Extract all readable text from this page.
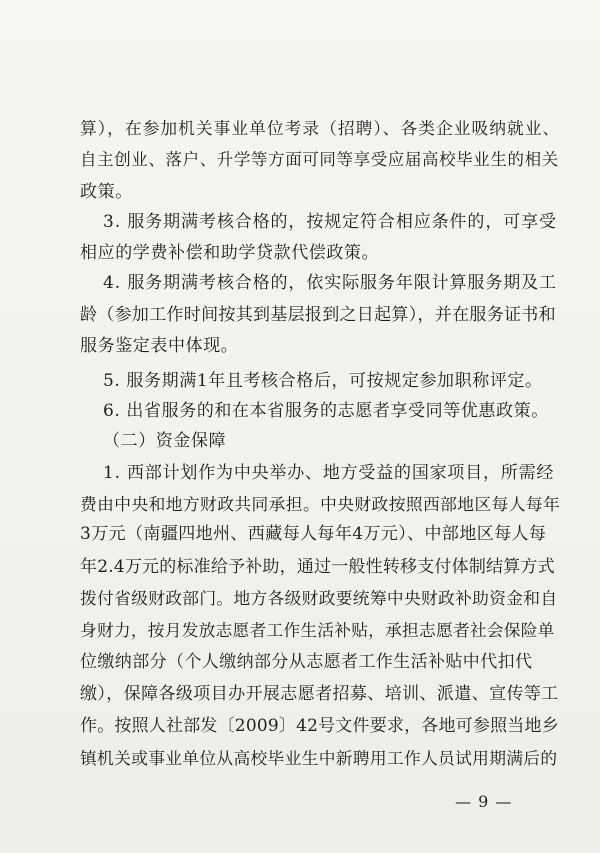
算），在参加机关事业单位考录（招聘）、各类企业吸纳就业、
自主创业、落户、升学等方面可同等享受应届高校毕业生的相关
政策。
3. 服务期满考核合格的，按规定符合相应条件的，可享受
相应的学费补偿和助学贷款代偿政策。
4. 服务期满考核合格的，依实际服务年限计算服务期及工
龄（参加工作时间按其到基层报到之日起算），并在服务证书和
服务鉴定表中体现。
5. 服务期满1年且考核合格后，可按规定参加职称评定。
6. 出省服务的和在本省服务的志愿者享受同等优惠政策。
（二）资金保障
1. 西部计划作为中央举办、地方受益的国家项目，所需经
费由中央和地方财政共同承担。中央财政按照西部地区每人每年
3万元（南疆四地州、西藏每人每年4万元）、中部地区每人每
年2.4万元的标准给予补助，通过一般性转移支付体制结算方式
拨付省级财政部门。地方各级财政要统筹中央财政补助资金和自
身财力，按月发放志愿者工作生活补贴，承担志愿者社会保险单
位缴纳部分（个人缴纳部分从志愿者工作生活补贴中代扣代
缴），保障各级项目办开展志愿者招募、培训、派遣、宣传等工
作。按照人社部发〔2009〕42号文件要求，各地可参照当地乡
镇机关或事业单位从高校毕业生中新聘用工作人员试用期满后的
— 9 —
